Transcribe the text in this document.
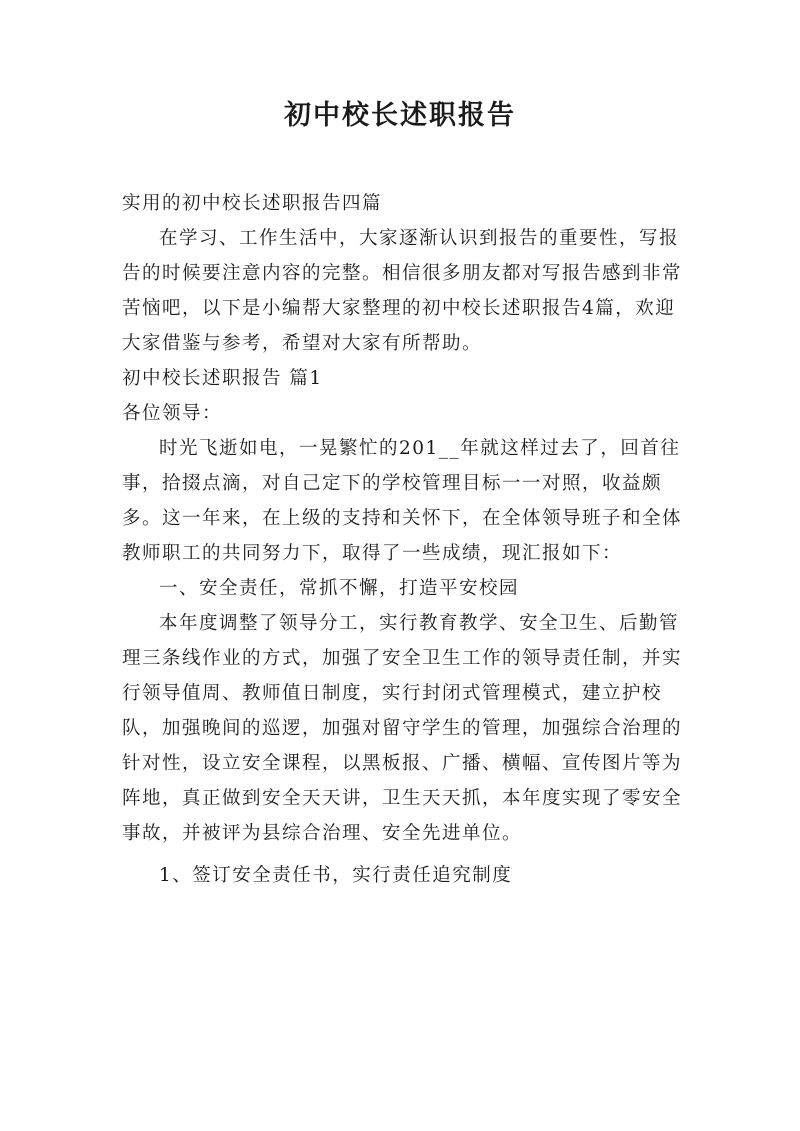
初中校长述职报告

实用的初中校长述职报告四篇

在学习、工作生活中，大家逐渐认识到报告的重要性，写报告的时候要注意内容的完整。相信很多朋友都对写报告感到非常苦恼吧，以下是小编帮大家整理的初中校长述职报告4篇，欢迎大家借鉴与参考，希望对大家有所帮助。

初中校长述职报告 篇1

各位领导：

时光飞逝如电，一晃繁忙的201__年就这样过去了，回首往事，拾掇点滴，对自己定下的学校管理目标一一对照，收益颇多。这一年来，在上级的支持和关怀下，在全体领导班子和全体教师职工的共同努力下，取得了一些成绩，现汇报如下：

一、安全责任，常抓不懈，打造平安校园

本年度调整了领导分工，实行教育教学、安全卫生、后勤管理三条线作业的方式，加强了安全卫生工作的领导责任制，并实行领导值周、教师值日制度，实行封闭式管理模式，建立护校队，加强晚间的巡逻，加强对留守学生的管理，加强综合治理的针对性，设立安全课程，以黑板报、广播、横幅、宣传图片等为阵地，真正做到安全天天讲，卫生天天抓，本年度实现了零安全事故，并被评为县综合治理、安全先进单位。

1、签订安全责任书，实行责任追究制度
